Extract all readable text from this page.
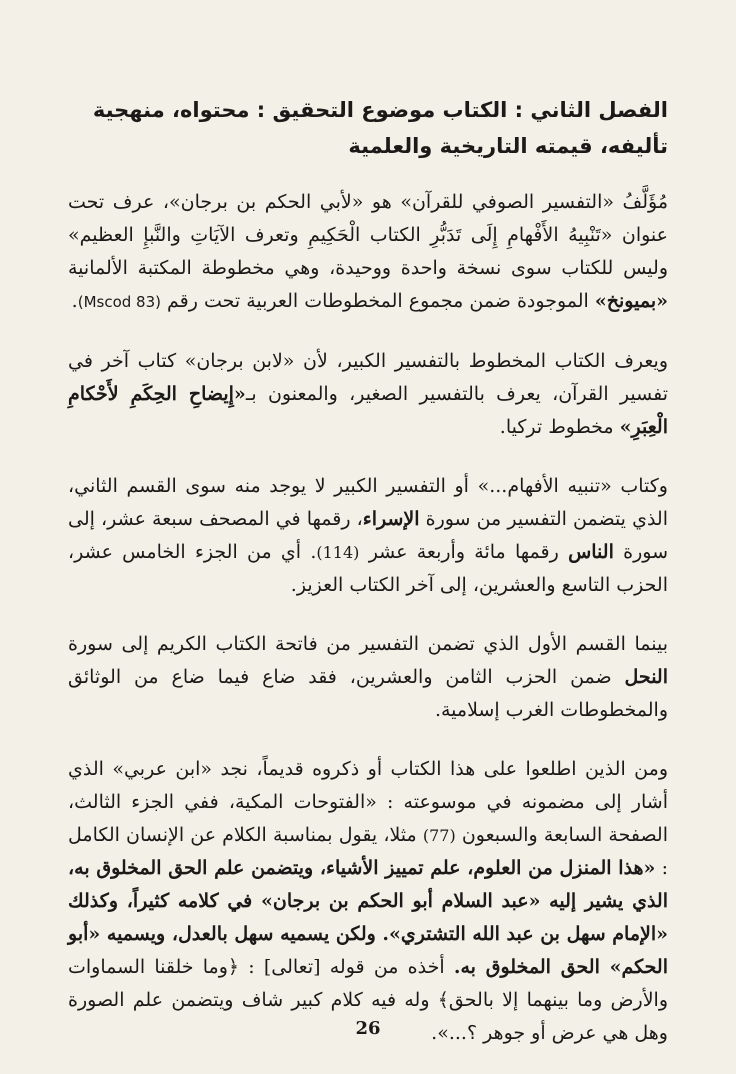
الفصل الثاني : الكتاب موضوع التحقيق : محتواه، منهجية تأليفه، قيمته التاريخية والعلمية

مُؤَلَّفُ «التفسير الصوفي للقرآن» هو «لأبي الحكم بن برجان»، عرف تحت عنوان «تَنْبِيهُ الأَفْهامِ إِلَى تَدَبُّرِ الكتاب الْحَكِيمِ وتعرف الآيَاتِ والنَّبإِ العظيم» وليس للكتاب سوى نسخة واحدة ووحيدة، وهي مخطوطة المكتبة الألمانية «بميونخ» الموجودة ضمن مجموع المخطوطات العربية تحت رقم (Mscod 83).

ويعرف الكتاب المخطوط بالتفسير الكبير، لأن «لابن برجان» كتاب آخر في تفسير القرآن، يعرف بالتفسير الصغير، والمعنون بـ«إِيضاحِ الحِكَمِ لأَحْكامِ الْعِبَرِ» مخطوط تركيا.

وكتاب «تنبيه الأفهام...» أو التفسير الكبير لا يوجد منه سوى القسم الثاني، الذي يتضمن التفسير من سورة الإسراء، رقمها في المصحف سبعة عشر، إلى سورة الناس رقمها مائة وأربعة عشر (114). أي من الجزء الخامس عشر، الحزب التاسع والعشرين، إلى آخر الكتاب العزيز.

بينما القسم الأول الذي تضمن التفسير من فاتحة الكتاب الكريم إلى سورة النحل ضمن الحزب الثامن والعشرين، فقد ضاع فيما ضاع من الوثائق والمخطوطات الغرب إسلامية.

ومن الذين اطلعوا على هذا الكتاب أو ذكروه قديماً، نجد «ابن عربي» الذي أشار إلى مضمونه في موسوعته : «الفتوحات المكية، ففي الجزء الثالث، الصفحة السابعة والسبعون (77) مثلا، يقول بمناسبة الكلام عن الإنسان الكامل : «هذا المنزل من العلوم، علم تمييز الأشياء، ويتضمن علم الحق المخلوق به، الذي يشير إليه «عبد السلام أبو الحكم بن برجان» في كلامه كثيراً، وكذلك «الإمام سهل بن عبد الله التشتري». ولكن يسميه سهل بالعدل، ويسميه «أبو الحكم» الحق المخلوق به. أخذه من قوله [تعالى] : ﴿وما خلقنا السماوات والأرض وما بينهما إلا بالحق﴾ وله فيه كلام كبير شاف ويتضمن علم الصورة وهل هي عرض أو جوهر ؟...».

26
